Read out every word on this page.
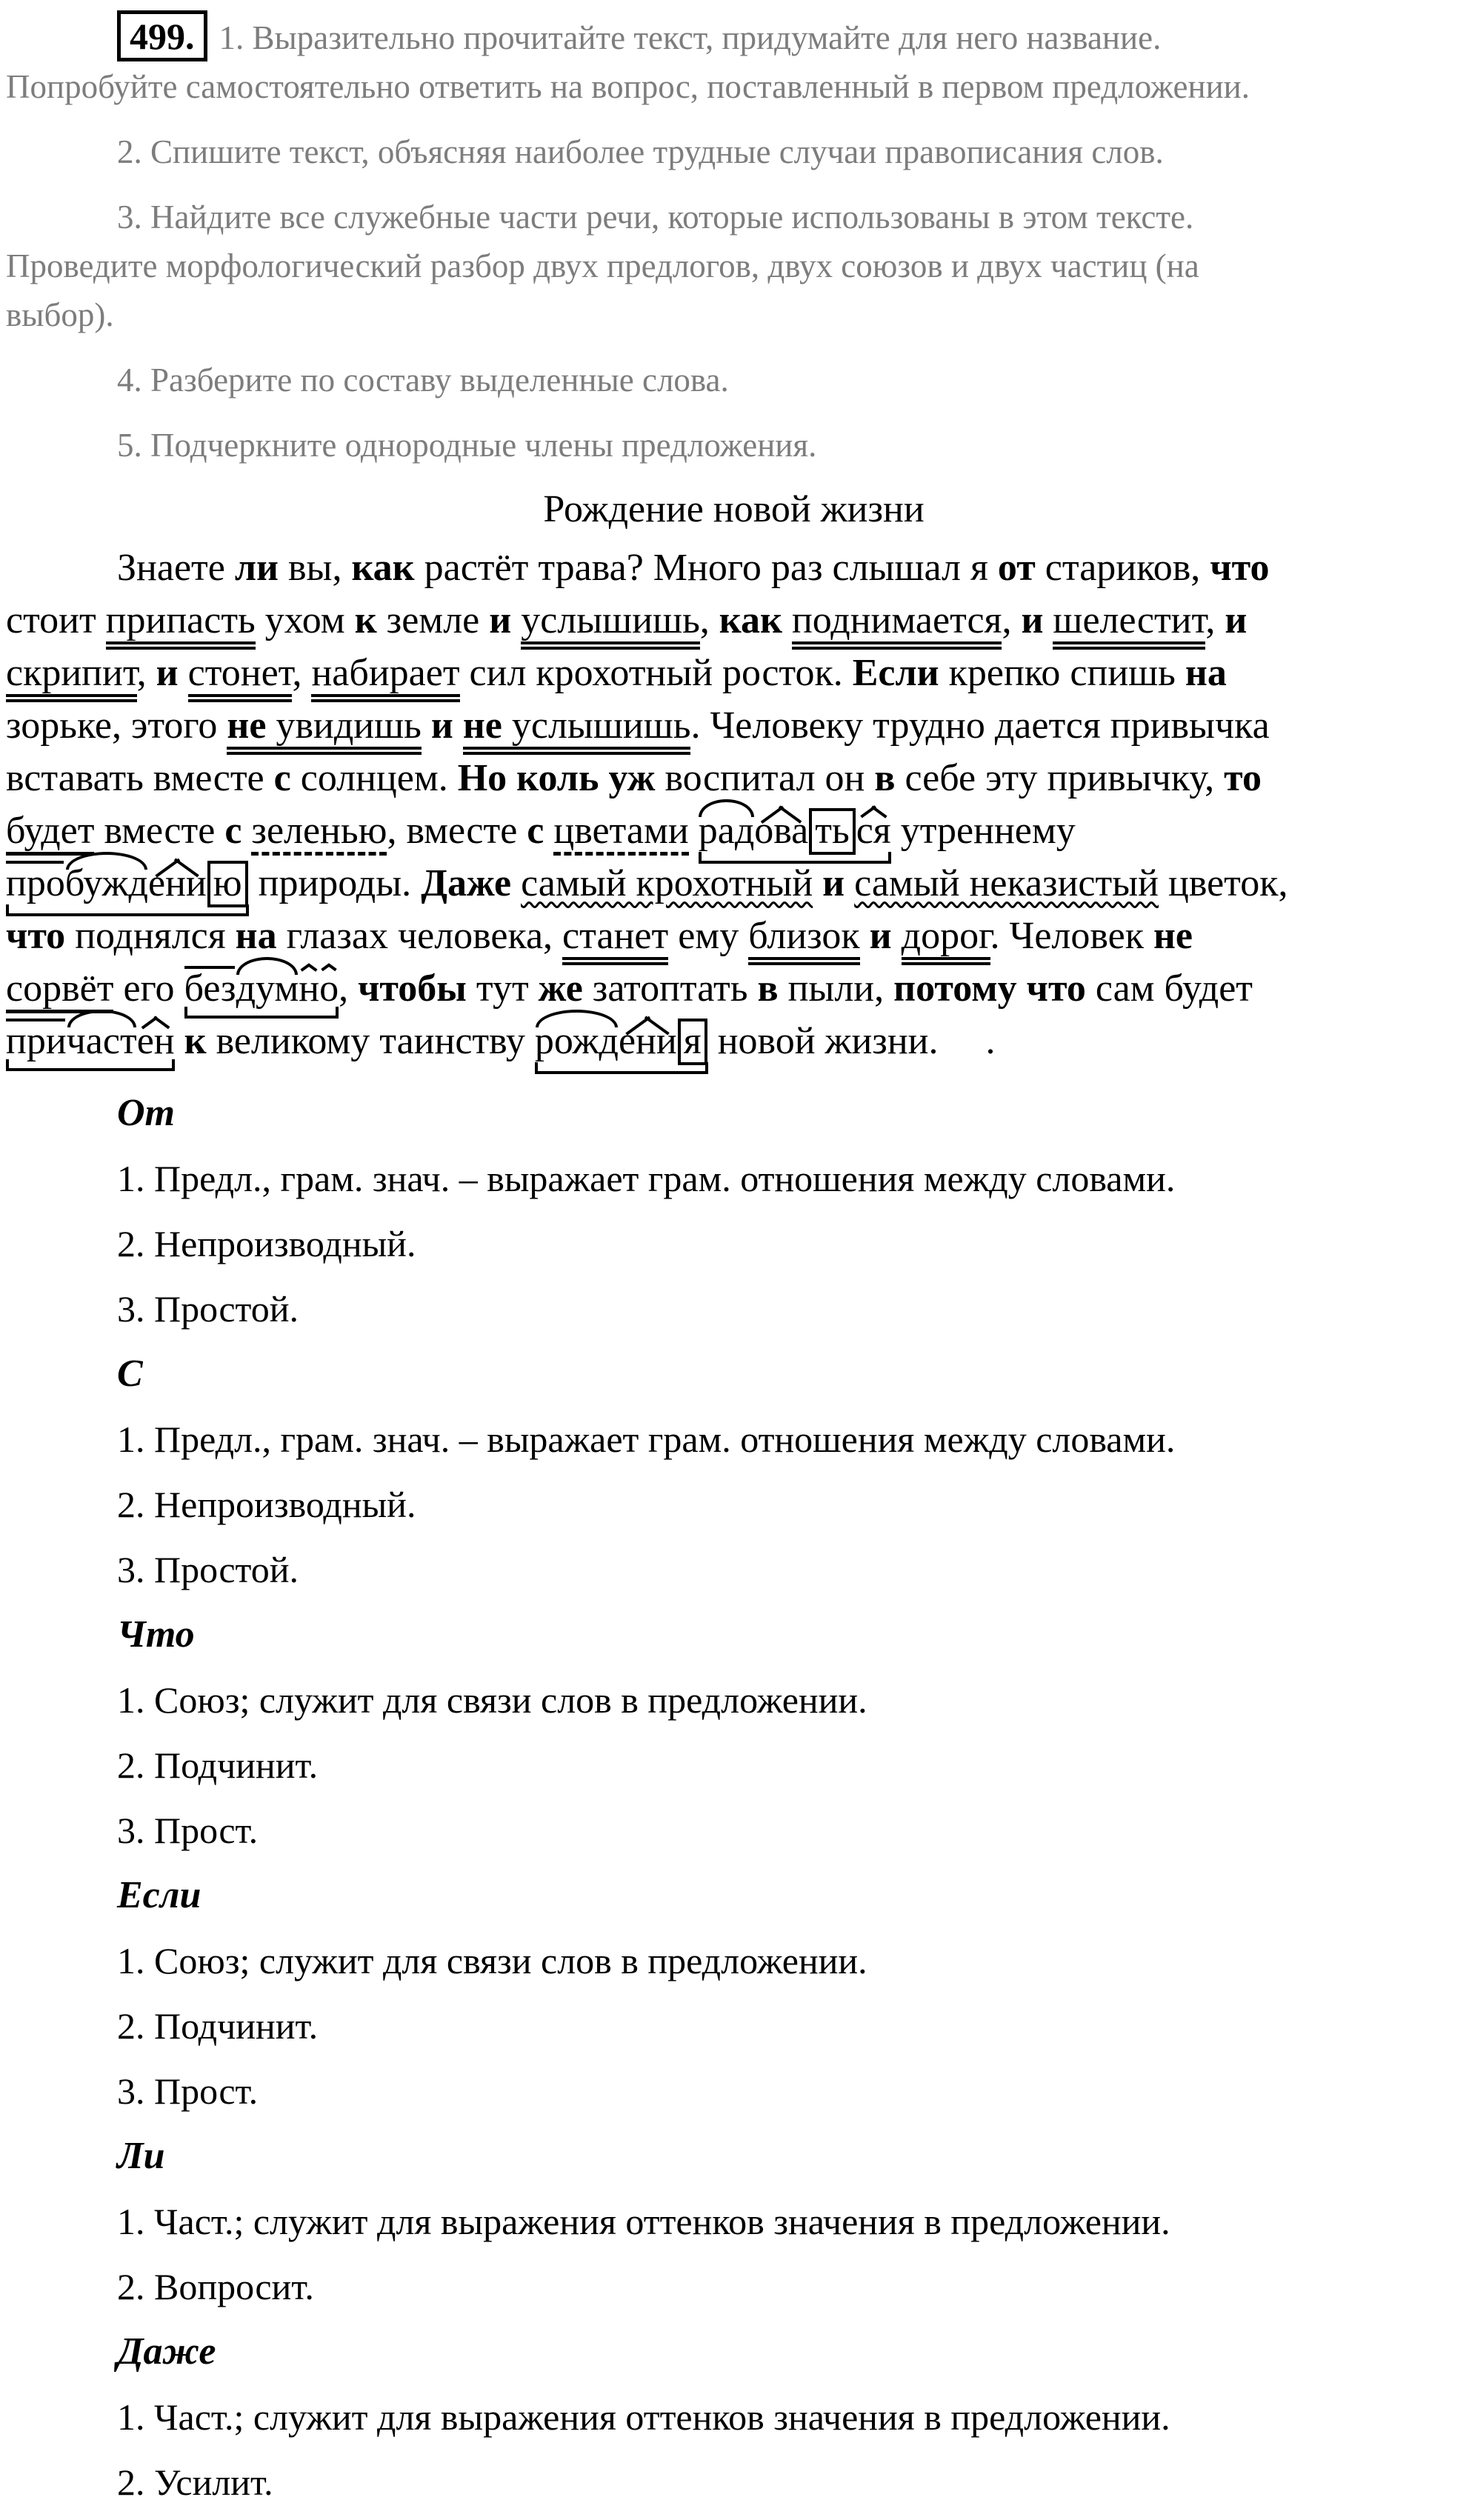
499. 1. Выразительно прочитайте текст, придумайте для него название.
Попробуйте самостоятельно ответить на вопрос, поставленный в первом предложении.
2. Спишите текст, объясняя наиболее трудные случаи правописания слов.
3. Найдите все служебные части речи, которые использованы в этом тексте.
Проведите морфологический разбор двух предлогов, двух союзов и двух частиц (на
выбор).
4. Разберите по составу выделенные слова.
5. Подчеркните однородные члены предложения.
Рождение новой жизни
Знаете ли вы, как растёт трава? Много раз слышал я от стариков, что
стоит припасть ухом к земле и услышишь, как поднимается, и шелестит, и
скрипит, и стонет, набирает сил крохотный росток. Если крепко спишь на
зорьке, этого не увидишь и не услышишь. Человеку трудно дается привычка
вставать вместе с солнцем. Но коль уж воспитал он в себе эту привычку, то
будет вместе с зеленью, вместе с цветами радова ть ся утреннему
пробуждени ю природы. Даже самый крохотный и самый неказистый цветок,
что поднялся на глазах человека, станет ему близок и дорог. Человек не
сорвёт его бездумно, чтобы тут же затоптать в пыли, потому что сам будет
причастен к великому таинству рождени я новой жизни. .
От
1. Предл., грам. знач. – выражает грам. отношения между словами.
2. Непроизводный.
3. Простой.
С
1. Предл., грам. знач. – выражает грам. отношения между словами.
2. Непроизводный.
3. Простой.
Что
1. Союз; служит для связи слов в предложении.
2. Подчинит.
3. Прост.
Если
1. Союз; служит для связи слов в предложении.
2. Подчинит.
3. Прост.
Ли
1. Част.; служит для выражения оттенков значения в предложении.
2. Вопросит.
Даже
1. Част.; служит для выражения оттенков значения в предложении.
2. Усилит.
